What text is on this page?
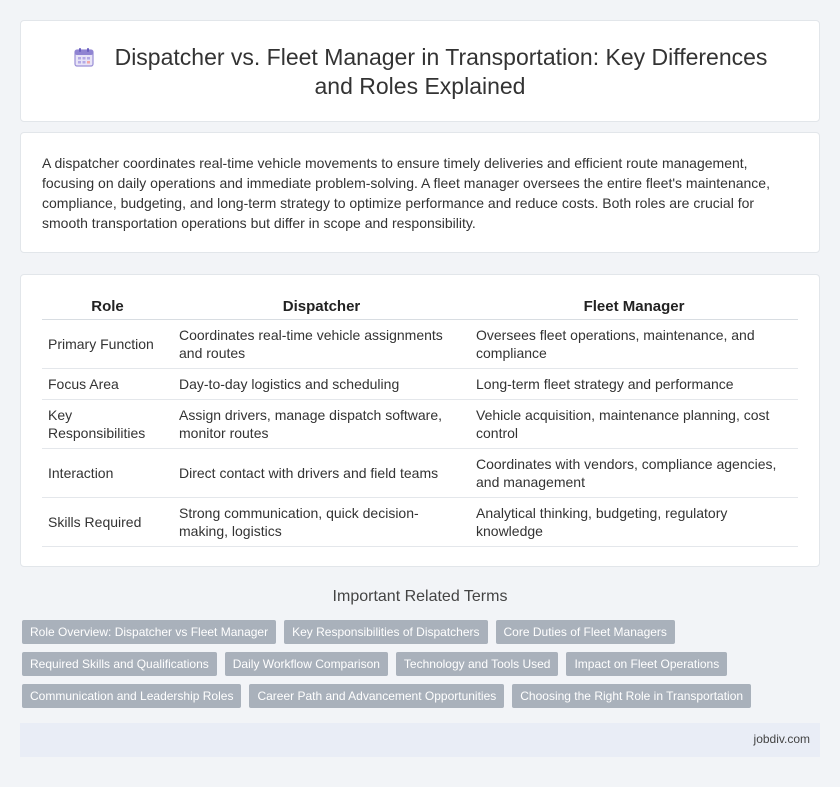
Dispatcher vs. Fleet Manager in Transportation: Key Differences
and Roles Explained

A dispatcher coordinates real-time vehicle movements to ensure timely deliveries and efficient route management, focusing on daily operations and immediate problem-solving. A fleet manager oversees the entire fleet's maintenance, compliance, budgeting, and long-term strategy to optimize performance and reduce costs. Both roles are crucial for smooth transportation operations but differ in scope and responsibility.

Role	Dispatcher	Fleet Manager
Primary Function	Coordinates real-time vehicle assignments and routes	Oversees fleet operations, maintenance, and compliance
Focus Area	Day-to-day logistics and scheduling	Long-term fleet strategy and performance
Key Responsibilities	Assign drivers, manage dispatch software, monitor routes	Vehicle acquisition, maintenance planning, cost control
Interaction	Direct contact with drivers and field teams	Coordinates with vendors, compliance agencies, and management
Skills Required	Strong communication, quick decision-making, logistics	Analytical thinking, budgeting, regulatory knowledge
Important Related Terms
Role Overview: Dispatcher vs Fleet Manager	Key Responsibilities of Dispatchers	Core Duties of Fleet Managers
Required Skills and Qualifications	Daily Workflow Comparison	Technology and Tools Used	Impact on Fleet Operations
Communication and Leadership Roles	Career Path and Advancement Opportunities	Choosing the Right Role in Transportation
jobdiv.com
